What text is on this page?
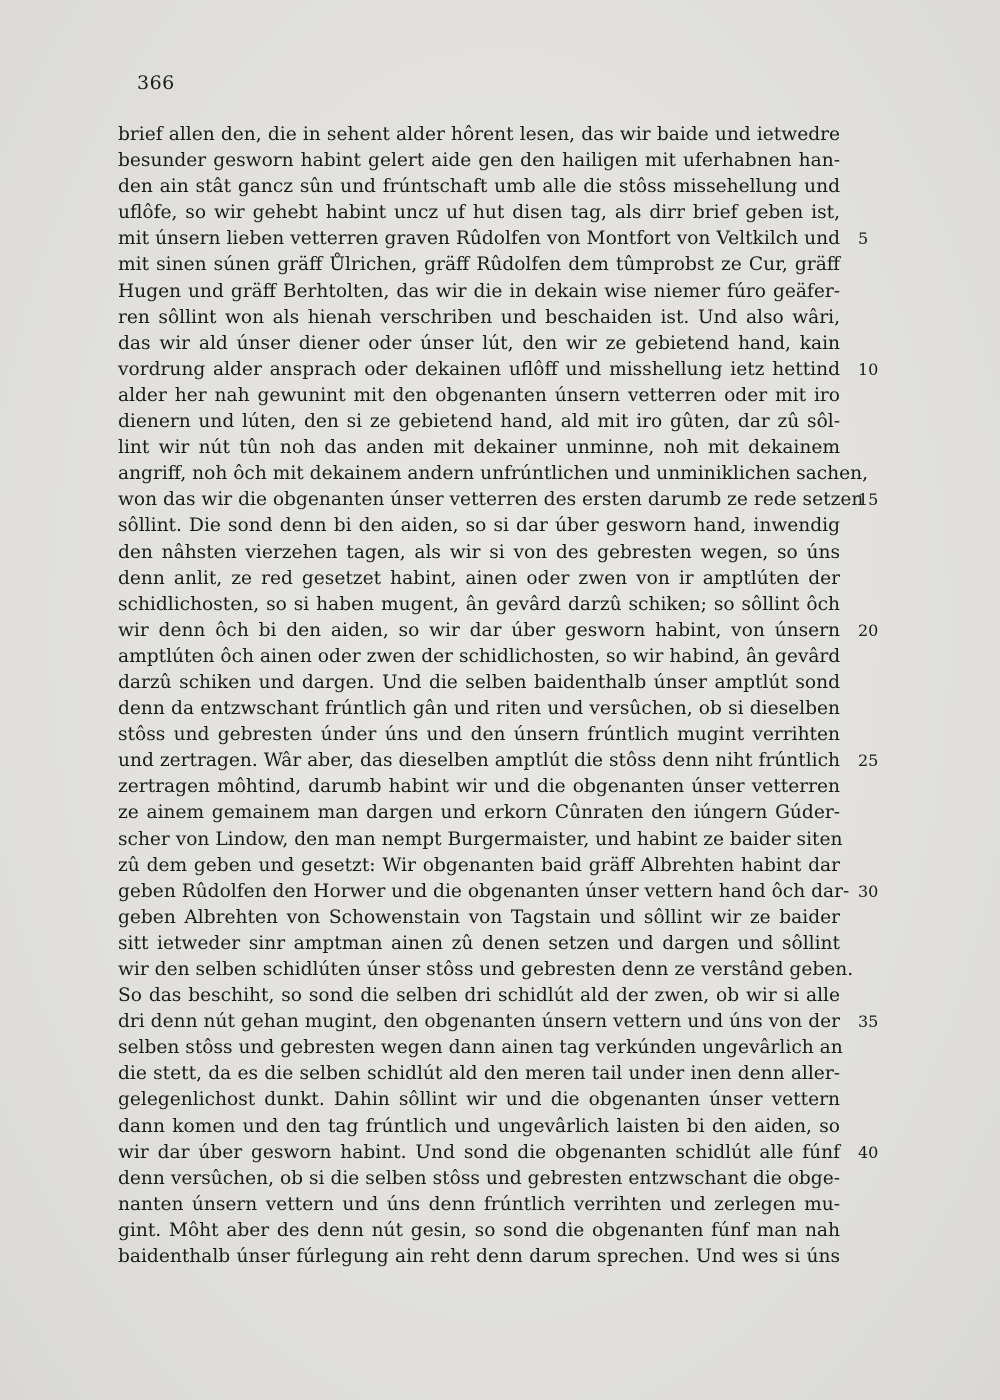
366
brief allen den, die in sehent alder hôrent lesen, das wir baide und ietwedre
besunder gesworn habint gelert aide gen den hailigen mit uferhabnen han-
den ain stât gancz sûn und frúntschaft umb alle die stôss missehellung und
uflôfe, so wir gehebt habint uncz uf hut disen tag, als dirr brief geben ist,
mit únsern lieben vetterren graven Rûdolfen von Montfort von Veltkilch und 5
mit sinen súnen gräff Ůlrichen, gräff Rûdolfen dem tûmprobst ze Cur, gräff
Hugen und gräff Berhtolten, das wir die in dekain wise niemer fúro geäfer-
ren sôllint won als hienah verschriben und beschaiden ist. Und also wâri,
das wir ald únser diener oder únser lút, den wir ze gebietend hand, kain
vordrung alder ansprach oder dekainen uflôff und misshellung ietz hettind 10
alder her nah gewunint mit den obgenanten únsern vetterren oder mit iro
dienern und lúten, den si ze gebietend hand, ald mit iro gûten, dar zû sôl-
lint wir nút tûn noh das anden mit dekainer unminne, noh mit dekainem
angriff, noh ôch mit dekainem andern unfrúntlichen und unminiklichen sachen,
won das wir die obgenanten únser vetterren des ersten darumb ze rede setzen
15
sôllint. Die sond denn bi den aiden, so si dar úber gesworn hand, inwendig
den nâhsten vierzehen tagen, als wir si von des gebresten wegen, so úns
denn anlit, ze red gesetzet habint, ainen oder zwen von ir amptlúten der
schidlichosten, so si haben mugent, ân gevârd darzû schiken; so sôllint ôch
wir denn ôch bi den aiden, so wir dar úber gesworn habint, von únsern 20
amptlúten ôch ainen oder zwen der schidlichosten, so wir habind, ân gevârd
darzû schiken und dargen. Und die selben baidenthalb únser amptlút sond
denn da entzwschant frúntlich gân und riten und versûchen, ob si dieselben
stôss und gebresten únder úns und den únsern frúntlich mugint verrihten
und zertragen. Wâr aber, das dieselben amptlút die stôss denn niht frúntlich 25
zertragen môhtind, darumb habint wir und die obgenanten únser vetterren
ze ainem gemainem man dargen und erkorn Cûnraten den iúngern Gúder-
scher von Lindow, den man nempt Burgermaister, und habint ze baider siten
zû dem geben und gesetzt: Wir obgenanten baid gräff Albrehten habint dar
geben Rûdolfen den Horwer und die obgenanten únser vettern hand ôch dar- 30
geben Albrehten von Schowenstain von Tagstain und sôllint wir ze baider
sitt ietweder sinr amptman ainen zû denen setzen und dargen und sôllint
wir den selben schidlúten únser stôss und gebresten denn ze verstând geben.
So das beschiht, so sond die selben dri schidlút ald der zwen, ob wir si alle
dri denn nút gehan mugint, den obgenanten únsern vettern und úns von der 35
selben stôss und gebresten wegen dann ainen tag verkúnden ungevârlich an
die stett, da es die selben schidlút ald den meren tail under inen denn aller-
gelegenlichost dunkt. Dahin sôllint wir und die obgenanten únser vettern
dann komen und den tag frúntlich und ungevârlich laisten bi den aiden, so
wir dar úber gesworn habint. Und sond die obgenanten schidlút alle fúnf 40
denn versûchen, ob si die selben stôss und gebresten entzwschant die obge-
nanten únsern vettern und úns denn frúntlich verrihten und zerlegen mu-
gint. Môht aber des denn nút gesin, so sond die obgenanten fúnf man nah
baidenthalb únser fúrlegung ain reht denn darum sprechen. Und wes si úns
